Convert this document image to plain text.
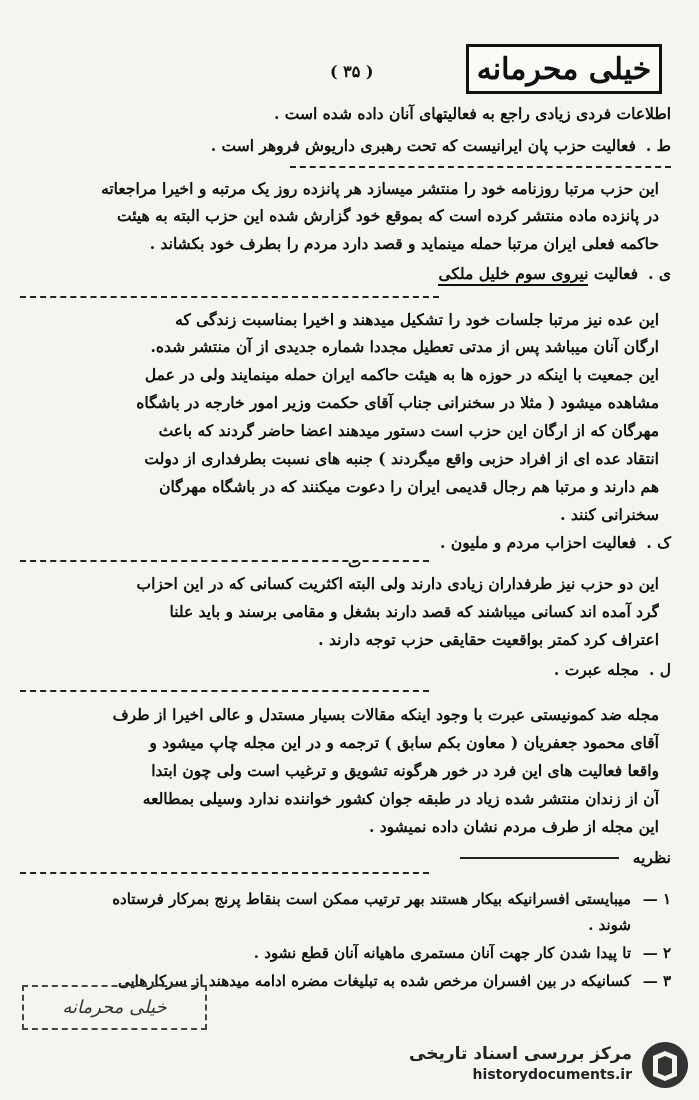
( ۳۵ )	خیلی محرمانه
اطلاعات فردی زیادی راجع به فعالیتهای آنان داده شده است .
ط .فعالیت حزب پان ایرانیست که تحت رهبری داریوش فروهر است .
این حزب مرتبا روزنامه خود را منتشر میسازد هر پانزده روز یک مرتبه و اخیرا مراجعاته
در پانزده ماده منتشر کرده است که بموقع خود گزارش شده این حزب البته به هیئت
حاکمه فعلی ایران مرتبا حمله مینماید و قصد دارد مردم را بطرف خود بکشاند .
ی .فعالیت نیروی سوم خلیل ملکی
این عده نیز مرتبا جلسات خود را تشکیل میدهند و اخیرا بمناسبت زندگی که
ارگان آنان میباشد پس از مدتی تعطیل مجددا شماره جدیدی از آن منتشر شده.
این جمعیت با اینکه در حوزه ها به هیئت حاکمه ایران حمله مینمایند ولی در عمل
مشاهده میشود ( مثلا در سخنرانی جناب آقای حکمت وزیر امور خارجه در باشگاه
مهرگان که از ارگان این حزب است دستور میدهند اعضا حاضر گردند که باعث
انتقاد عده ای از افراد حزبی واقع میگردند ) جنبه های نسبت بطرفداری از دولت
هم دارند و مرتبا هم رجال قدیمی ایران را دعوت میکنند که در باشگاه مهرگان
سخنرانی کنند .
ک .فعالیت احزاب مردم و ملیون .
ت
این دو حزب نیز طرفداران زیادی دارند ولی البته اکثریت کسانی که در این احزاب
گرد آمده اند کسانی میباشند که قصد دارند بشغل و مقامی برسند و باید علنا
اعتراف کرد کمتر بواقعیت حقایقی حزب توجه دارند .
ل .مجله عبرت .
مجله ضد کمونیستی عبرت با وجود اینکه مقالات بسیار مستدل و عالی اخیرا از طرف
آقای محمود جعفریان ( معاون بکم سابق ) ترجمه و در این مجله چاپ میشود و
واقعا فعالیت های این فرد در خور هرگونه تشویق و ترغیب است ولی چون ابتدا
آن از زندان منتشر شده زیاد در طبقه جوان کشور خواننده ندارد وسیلی بمطالعه
این مجله از طرف مردم نشان داده نمیشود .
نظریه
۱ —میبایستی افسرانیکه بیکار هستند بهر ترتیب ممکن است بنقاط پرنج بمرکار فرستاده
شوند .
۲ —تا پیدا شدن کار جهت آنان مستمری ماهیانه آنان قطع نشود .
۳ —کسانیکه در بین افسران مرخص شده به تبلیغات مضره ادامه میدهند از سرکارهایی
خیلی محرمانه
مرکز بررسی اسناد تاریخی
historydocuments.ir
